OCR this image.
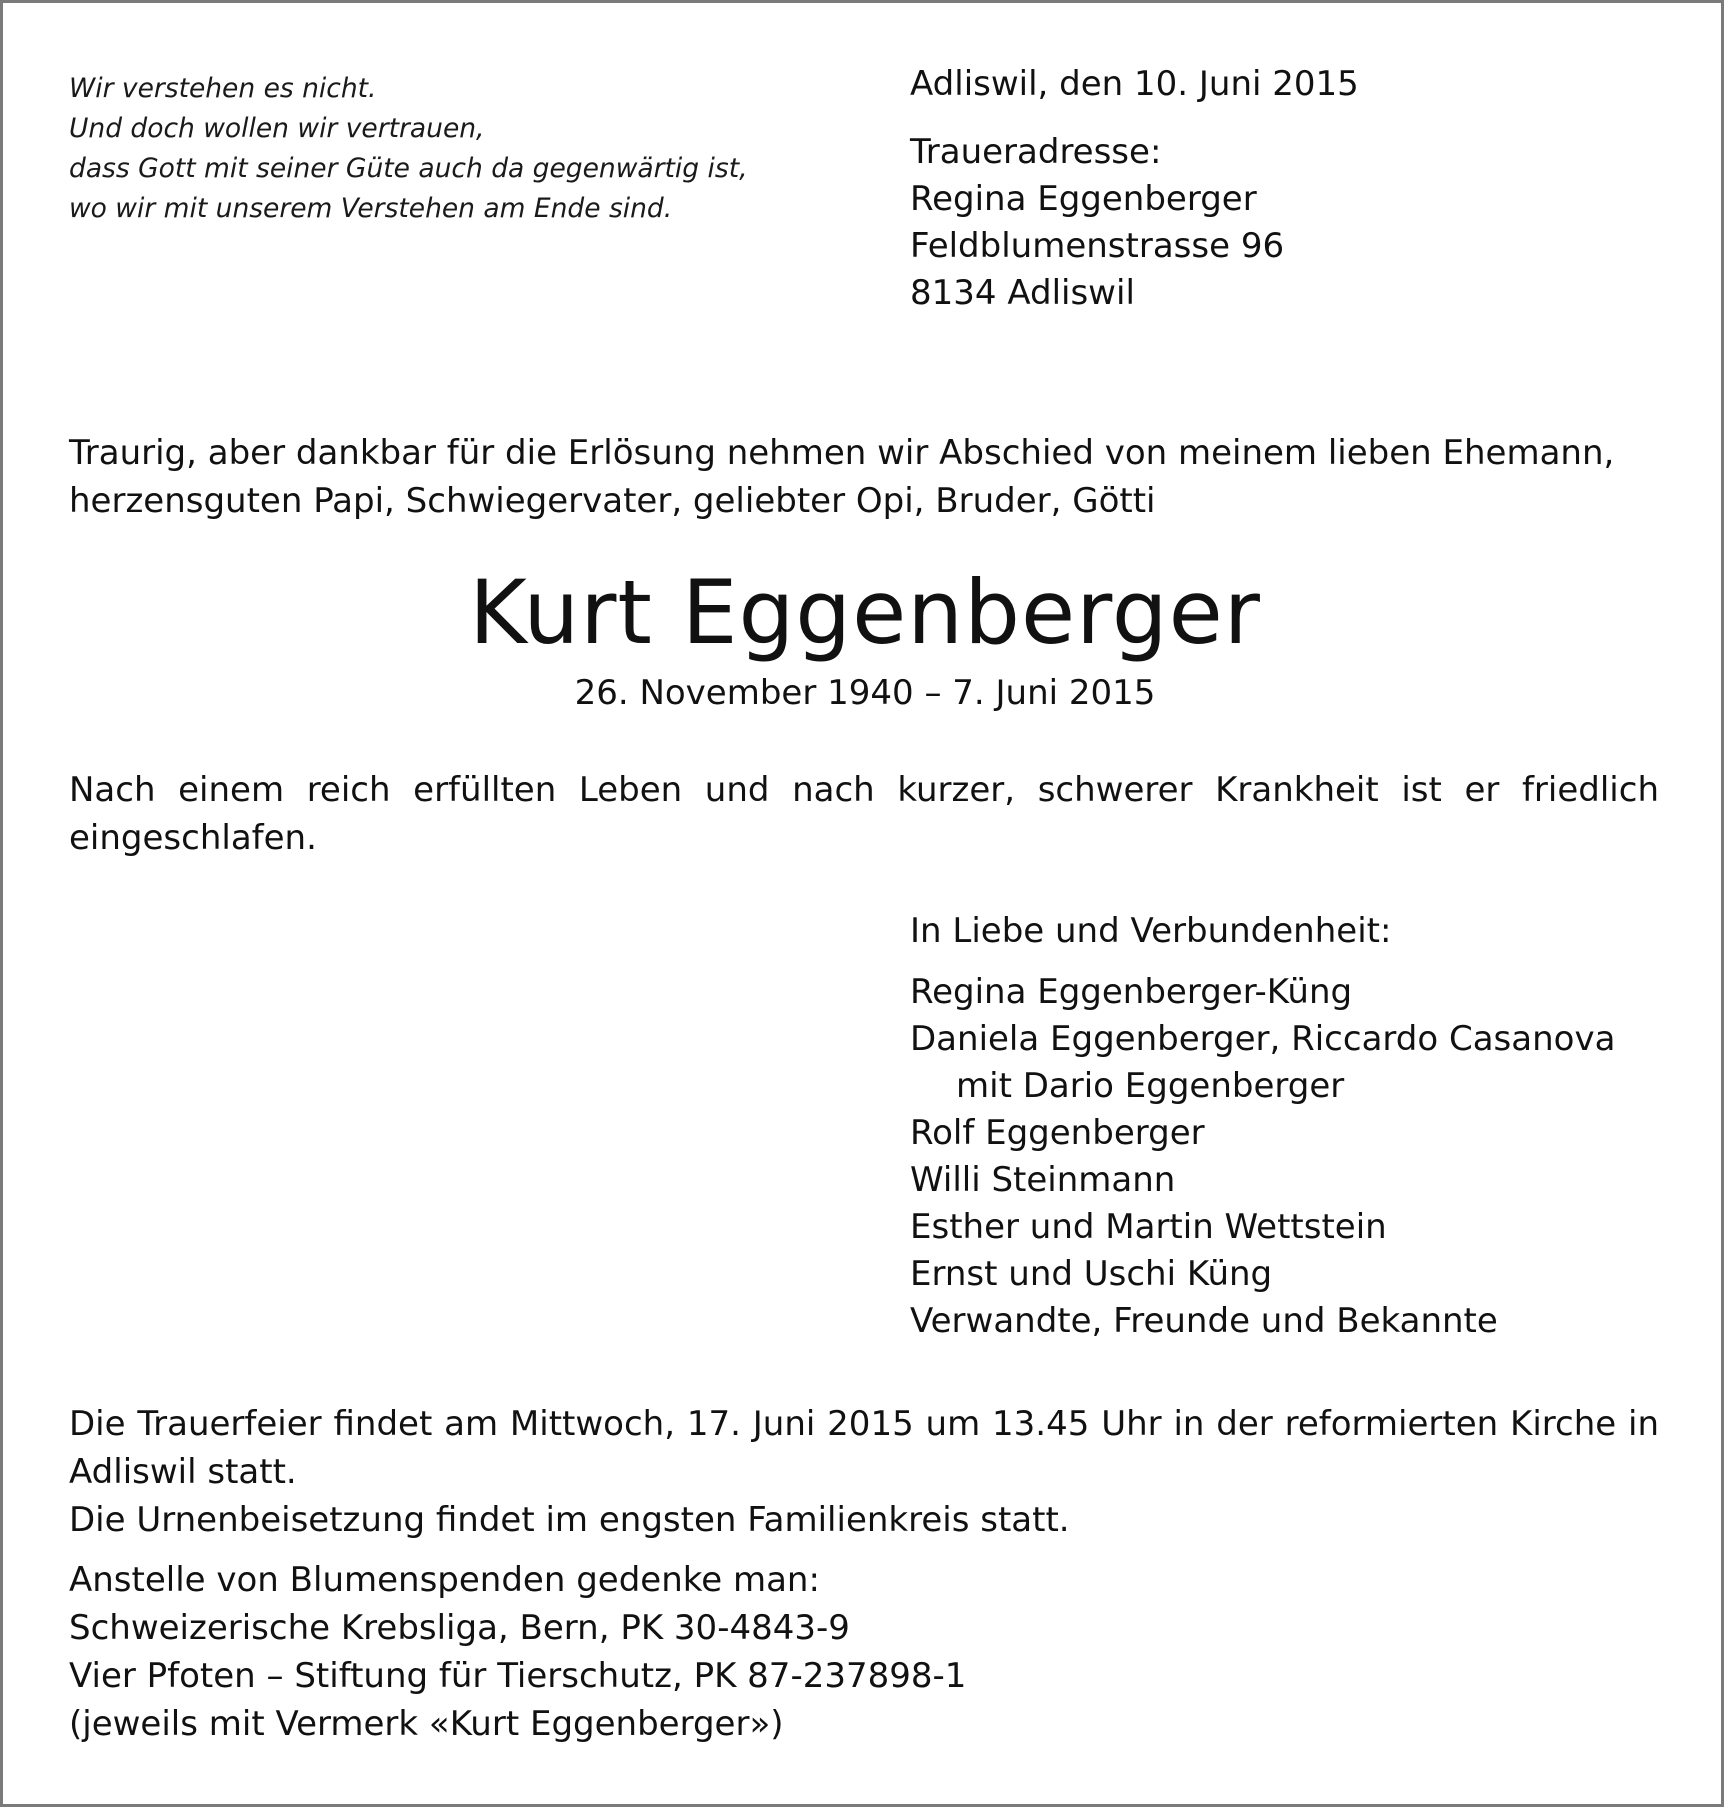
Wir verstehen es nicht.
Und doch wollen wir vertrauen,
dass Gott mit seiner Güte auch da gegenwärtig ist,
wo wir mit unserem Verstehen am Ende sind.
Adliswil, den 10. Juni 2015
Traueradresse:
Regina Eggenberger
Feldblumenstrasse 96
8134 Adliswil
Traurig, aber dankbar für die Erlösung nehmen wir Abschied von meinem lieben Ehemann,
herzensguten Papi, Schwiegervater, geliebter Opi, Bruder, Götti
Kurt Eggenberger
26. November 1940 – 7. Juni 2015
Nach einem reich erfüllten Leben und nach kurzer, schwerer Krankheit ist er friedlich eingeschlafen.
In Liebe und Verbundenheit:
Regina Eggenberger-Küng
Daniela Eggenberger, Riccardo Casanova
mit Dario Eggenberger
Rolf Eggenberger
Willi Steinmann
Esther und Martin Wettstein
Ernst und Uschi Küng
Verwandte, Freunde und Bekannte
Die Trauerfeier findet am Mittwoch, 17. Juni 2015 um 13.45 Uhr in der reformierten Kirche in Adliswil statt.
Die Urnenbeisetzung findet im engsten Familienkreis statt.
Anstelle von Blumenspenden gedenke man:
Schweizerische Krebsliga, Bern, PK 30-4843-9
Vier Pfoten – Stiftung für Tierschutz, PK 87-237898-1
(jeweils mit Vermerk «Kurt Eggenberger»)
